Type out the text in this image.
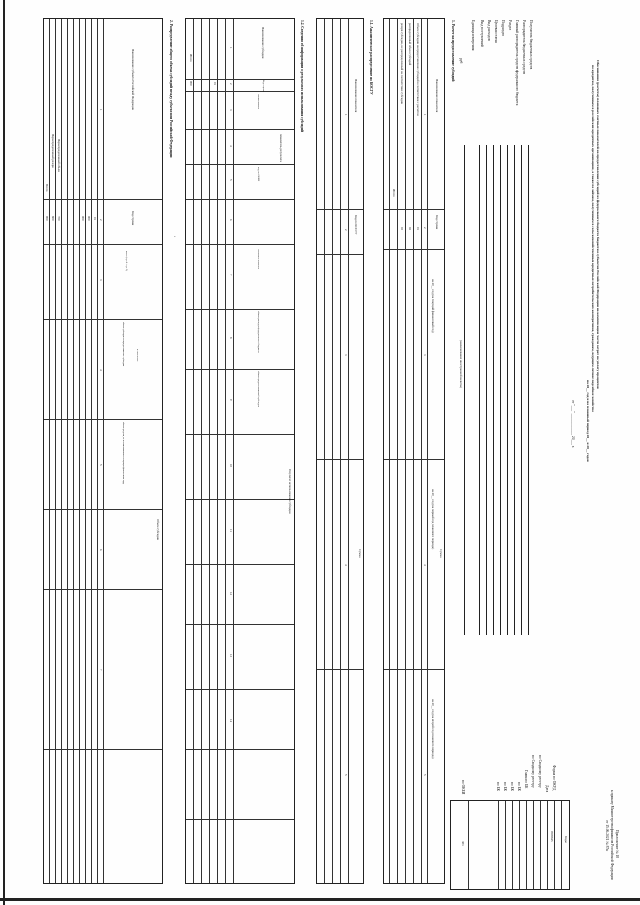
Приложение № 18
к приказу Министерства финансов Российской Федерации
от 15.06.2021 № 87н
Обоснования (расчеты) плановых сметных показателей на предоставление субсидий из федерального бюджета бюджетам субъектов Российской Федерации на компенсацию части затрат на уплату процентов
по кредитам, полученным в российских кредитных организациях, а также по займам, полученным в сельскохозяйственных кредитных потребительских кооперативах, гражданам, ведущим личное подсобное хозяйство
на 20__ год и на плановый период 20__ и 20__ годов
от "___" ____________ 20___ г.
Получатель бюджетных средств
Распорядитель бюджетных средств
Главный распорядитель средств федерального бюджета
Раздел
Подраздел
Целевая статья
Вид расходов
Вид поступлений
Единица измерения:
руб
(наименование иностранной валюты)
Форма по ОКУД
Дата
по Сводному реестру
по Сводному реестру
Глава по БК
по БК
по БК
по БК
по БК
по ОКЕИ
Коды
0505845
383
1. Расчет на предоставление субсидий
Наименование показателя
Код строки
Сумма
на 20__ год (на текущий финансовый год)
на 20__ год (на первый год планового периода)
на 20__ год (на второй год планового периода)
1
2
3
4
5
Объем субсидии на предоставление субсидий в соответствии с расчетом
01
распределенный объем субсидий
02
резерв субсидии, не распределенный на соответствие субсидии
03
Итого
1.1. Аналитическое распределение по КОСГУ
Наименование показателя
Код по КОСГУ
Сумма
1
2
3
4
5
1.2. Сведения об информации о результатах использования субсидий
Наименование субсидии
Код строки
Результат использования субсидии
показатель результата
наименование
код по ОКЕИ
плановое значение
объем расходов федерального бюджета
объем предоставляемой субсидии
1
2
3
4
5
6
7
8
9
10
11
12
13
14
01
900
Итого
2. Распределение общего объема субсидий между субъектами Российской Федерации
1
Наименование субъекта Российской Федерации
Код строки
Объем субсидии
всего (гр. 4 + гр. 5)
в том числе
объем субсидии на предоставление субсидии
объем средств, не использованных в текущем финансовом году
1
2
3
4
5
6
7
01
000
000
Нераспределенный объем
700
Нераспределенный резерв
800
Всего
900
